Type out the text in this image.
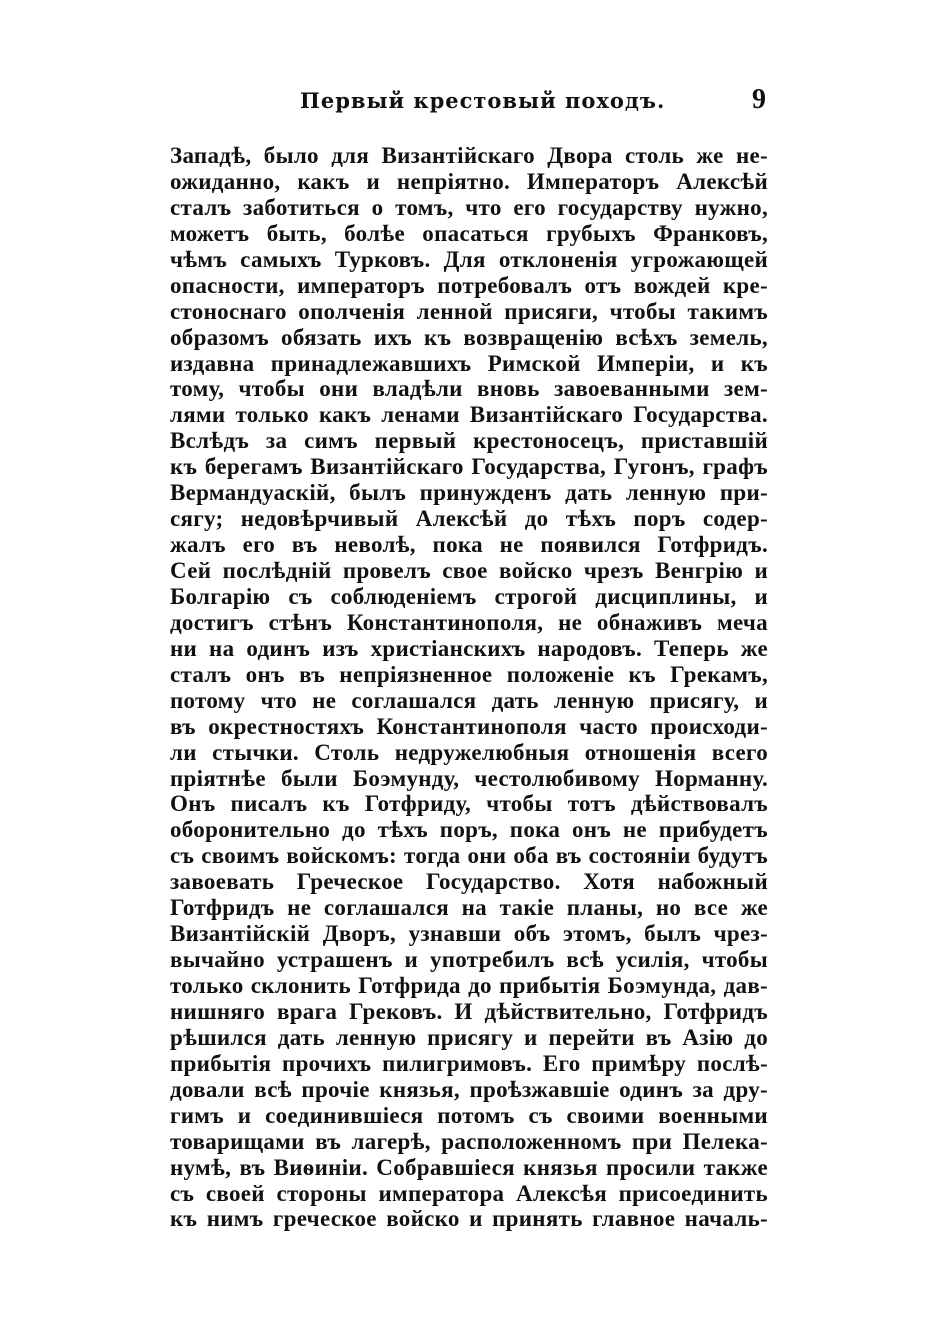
Первый крестовый походъ.	9
Западѣ, было для Византійскаго Двора столь же не-
ожиданно, какъ и непріятно. Императоръ Алексѣй
сталъ заботиться о томъ, что его государству нужно,
можетъ быть, болѣе опасаться грубыхъ Франковъ,
чѣмъ самыхъ Турковъ. Для отклоненія угрожающей
опасности, императоръ потребовалъ отъ вождей кре-
стоноснаго ополченія ленной присяги, чтобы такимъ
образомъ обязать ихъ къ возвращенію всѣхъ земель,
издавна принадлежавшихъ Римской Имперіи, и къ
тому, чтобы они владѣли вновь завоеванными зем-
лями только какъ ленами Византійскаго Государства.
Вслѣдъ за симъ первый крестоносецъ, приставшій
къ берегамъ Византійскаго Государства, Гугонъ, графъ
Вермандуаскій, былъ принужденъ дать ленную при-
сягу; недовѣрчивый Алексѣй до тѣхъ поръ содер-
жалъ его въ неволѣ, пока не появился Готфридъ.
Сей послѣдній провелъ свое войско чрезъ Венгрію и
Болгарію съ соблюденіемъ строгой дисциплины, и
достигъ стѣнъ Константинополя, не обнаживъ меча
ни на одинъ изъ христіанскихъ народовъ. Теперь же
сталъ онъ въ непріязненное положеніе къ Грекамъ,
потому что не соглашался дать ленную присягу, и
въ окрестностяхъ Константинополя часто происходи-
ли стычки. Столь недружелюбныя отношенія всего
пріятнѣе были Боэмунду, честолюбивому Норманну.
Онъ писалъ къ Готфриду, чтобы тотъ дѣйствовалъ
оборонительно до тѣхъ поръ, пока онъ не прибудетъ
съ своимъ войскомъ: тогда они оба въ состояніи будутъ
завоевать Греческое Государство. Хотя набожный
Готфридъ не соглашался на такіе планы, но все же
Византійскій Дворъ, узнавши объ этомъ, былъ чрез-
вычайно устрашенъ и употребилъ всѣ усилія, чтобы
только склонить Готфрида до прибытія Боэмунда, дав-
нишняго врага Грековъ. И дѣйствительно, Готфридъ
рѣшился дать ленную присягу и перейти въ Азію до
прибытія прочихъ пилигримовъ. Его примѣру послѣ-
довали всѣ прочіе князья, проѣзжавшіе одинъ за дру-
гимъ и соединившіеся потомъ съ своими военными
товарищами въ лагерѣ, расположенномъ при Пелека-
нумѣ, въ Виѳиніи. Собравшіеся князья просили также
съ своей стороны императора Алексѣя присоединить
къ нимъ греческое войско и принять главное началь-
